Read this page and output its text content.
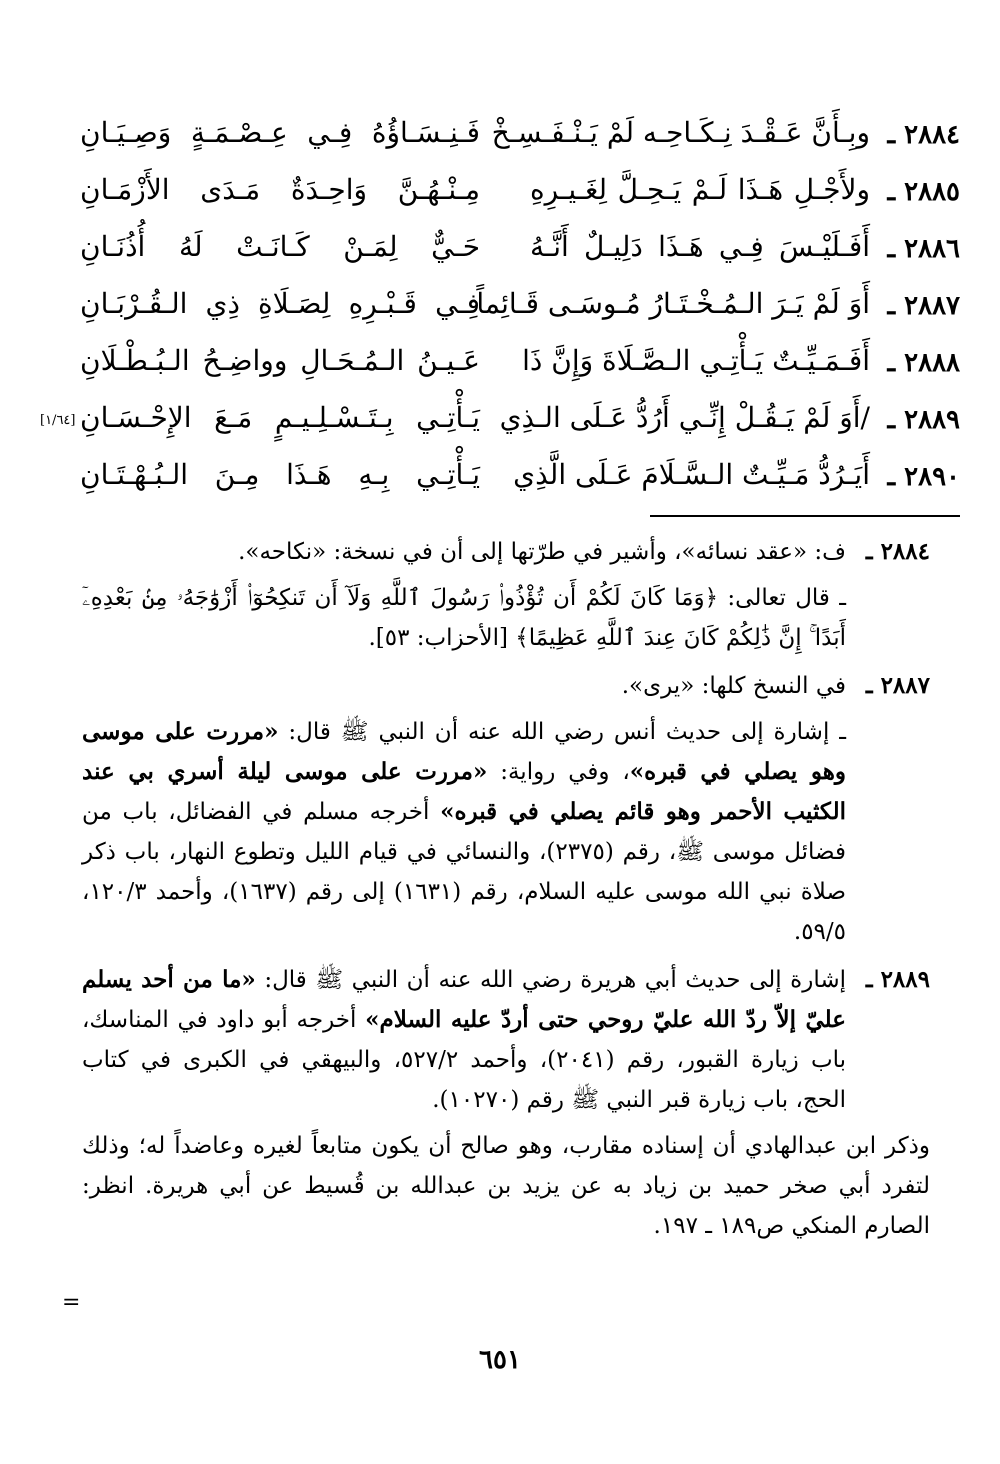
٢٨٨٤ ـ
وبِـأَنَّ عَـقْـدَ نِـكَـاحِـه لَمْ يَـنْـفَـسِـخْ
فَـنِـسَـاؤُهُ فِـي عِـصْـمَـةٍ وَصِـيَـانِ
٢٨٨٥ ـ
ولأَجْـلِ هَـذَا لَـمْ يَـحِـلَّ لِغَـيـرِهِ
مِـنْـهُـنَّ وَاحِـدَةٌ مَـدَى الأَزْمَـانِ
٢٨٨٦ ـ
أَفَـلَيْـسَ فِـي هَـذَا دَلِيـلٌ أَنَّـهُ
حَـيٌّ لِمَـنْ كَـانَـتْ لَهُ أُذُنَـانِ
٢٨٨٧ ـ
أَوَ لَمْ يَـرَ الـمُـخْـتَـارُ مُـوسَـى قَـائِماً
فِـي قَـبْـرِهِ لِصَـلَاةِ ذِي الـقُـرْبَـانِ
٢٨٨٨ ـ
أَفَـمَـيِّـتٌ يَـأْتِـي الـصَّـلَاةَ وَإِنَّ ذَا
عَـيـنُ الـمُـحَـالِ وواضِـحُ الـبُـطْـلَانِ
٢٨٨٩ ـ
/أَوَ لَمْ يَـقُـلْ إِنِّـي أَرُدُّ عَـلَى الـذِي
يَـأْتِـي بِـتَـسْـلِـيـمٍ مَـعَ الإِحْـسَـانِ
[١/٦٤]
٢٨٩٠ ـ
أَيَـرُدُّ مَـيِّـتٌ الـسَّـلَامَ عَـلَى الَّذِي
يَـأْتِـي بِـهِ هَـذَا مِـنَ الـبُـهْـتَـانِ
٢٨٨٤ ـ

ف: «عقد نسائه»، وأشير في طرّتها إلى أن في نسخة: «نكاحه».

ـ قال تعالى: ﴿وَمَا كَانَ لَكُمْ أَن تُؤْذُوا۟ رَسُولَ ٱللَّهِ وَلَآ أَن تَنكِحُوٓا۟ أَزْوَٰجَهُۥ مِنۢ بَعْدِهِۦٓ أَبَدًا ۚ إِنَّ ذَٰلِكُمْ كَانَ عِندَ ٱللَّهِ عَظِيمًا﴾ [الأحزاب: ٥٣].

٢٨٨٧ ـ

في النسخ كلها: «يرى».

ـ إشارة إلى حديث أنس رضي الله عنه أن النبي ﷺ قال: «مررت على موسى وهو يصلي في قبره»، وفي رواية: «مررت على موسى ليلة أسري بي عند الكثيب الأحمر وهو قائم يصلي في قبره» أخرجه مسلم في الفضائل، باب من فضائل موسى ﷺ، رقم (٢٣٧٥)، والنسائي في قيام الليل وتطوع النهار، باب ذكر صلاة نبي الله موسى عليه السلام، رقم (١٦٣١) إلى رقم (١٦٣٧)، وأحمد ١٢٠/٣، ٥٩/٥.

٢٨٨٩ ـ

إشارة إلى حديث أبي هريرة رضي الله عنه أن النبي ﷺ قال: «ما من أحد يسلم عليّ إلاّ ردّ الله عليّ روحي حتى أردّ عليه السلام» أخرجه أبو داود في المناسك، باب زيارة القبور، رقم (٢٠٤١)، وأحمد ٥٢٧/٢، والبيهقي في الكبرى في كتاب الحج، باب زيارة قبر النبي ﷺ رقم (١٠٢٧٠).

وذكر ابن عبدالهادي أن إسناده مقارب، وهو صالح أن يكون متابعاً لغيره وعاضداً له؛ وذلك لتفرد أبي صخر حميد بن زياد به عن يزيد بن عبدالله بن قُسيط عن أبي هريرة. انظر: الصارم المنكي ص١٨٩ ـ ١٩٧.

=
٦٥١
